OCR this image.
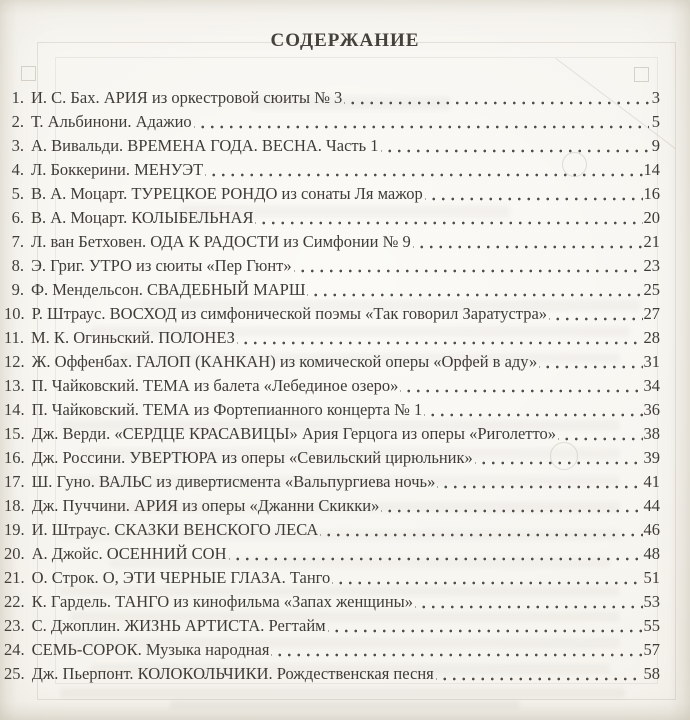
СОДЕРЖАНИЕ
1. И. С. Бах. АРИЯ из оркестровой сюиты № 3	3
2. Т. Альбинони. Адажио	5
3. А. Вивальди. ВРЕМЕНА ГОДА. ВЕСНА. Часть 1	9
4. Л. Боккерини. МЕНУЭТ	14
5. В. А. Моцарт. ТУРЕЦКОЕ РОНДО из сонаты Ля мажор	16
6. В. А. Моцарт. КОЛЫБЕЛЬНАЯ	20
7. Л. ван Бетховен. ОДА К РАДОСТИ из Симфонии № 9	21
8. Э. Григ. УТРО из сюиты «Пер Гюнт»	23
9. Ф. Мендельсон. СВАДЕБНЫЙ МАРШ	25
10. Р. Штраус. ВОСХОД из симфонической поэмы «Так говорил Заратустра»	27
11. М. К. Огиньский. ПОЛОНЕЗ	28
12. Ж. Оффенбах. ГАЛОП (КАНКАН) из комической оперы «Орфей в аду»	31
13. П. Чайковский. ТЕМА из балета «Лебединое озеро»	34
14. П. Чайковский. ТЕМА из Фортепианного концерта № 1	36
15. Дж. Верди. «СЕРДЦЕ КРАСАВИЦЫ» Ария Герцога из оперы «Риголетто»	38
16. Дж. Россини. УВЕРТЮРА из оперы «Севильский цирюльник»	39
17. Ш. Гуно. ВАЛЬС из дивертисмента «Вальпургиева ночь»	41
18. Дж. Пуччини. АРИЯ из оперы «Джанни Скикки»	44
19. И. Штраус. СКАЗКИ ВЕНСКОГО ЛЕСА	46
20. А. Джойс. ОСЕННИЙ СОН	48
21. О. Строк. О, ЭТИ ЧЕРНЫЕ ГЛАЗА. Танго	51
22. К. Гардель. ТАНГО из кинофильма «Запах женщины»	53
23. С. Джоплин. ЖИЗНЬ АРТИСТА. Регтайм	55
24. СЕМЬ-СОРОК. Музыка народная	57
25. Дж. Пьерпонт. КОЛОКОЛЬЧИКИ. Рождественская песня	58
